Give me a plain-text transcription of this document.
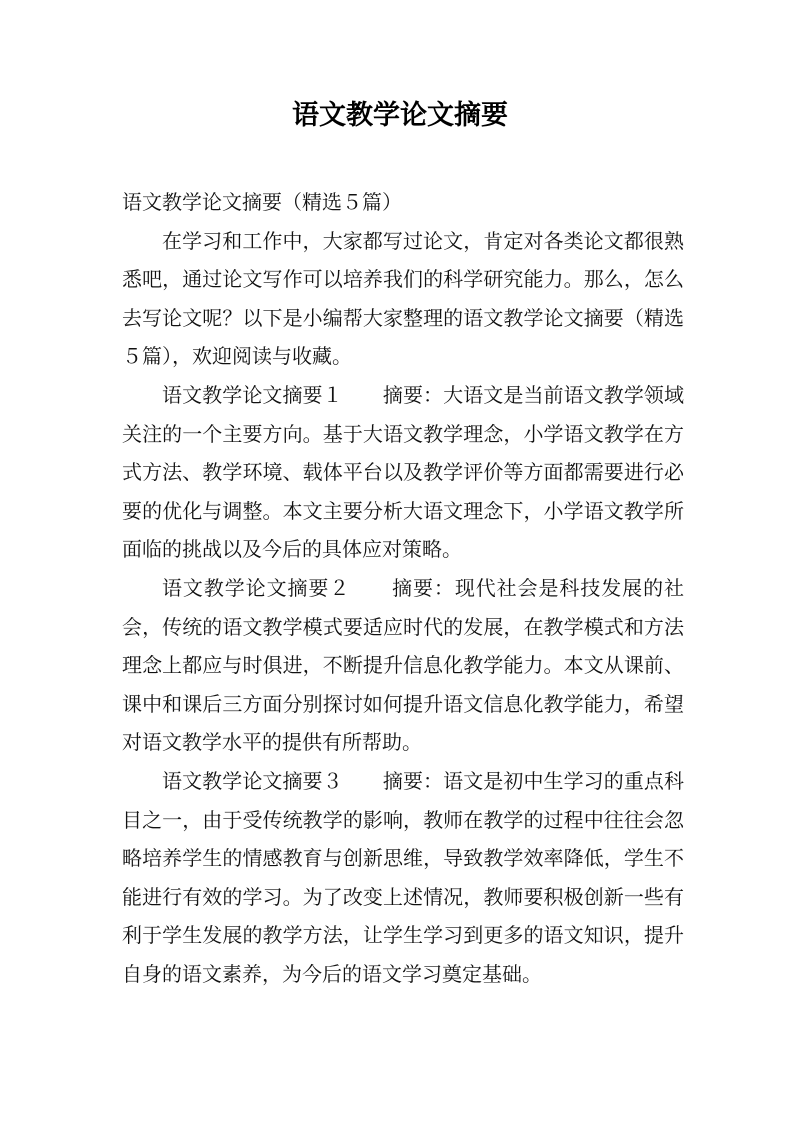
语文教学论文摘要

语文教学论文摘要（精选５篇）

在学习和工作中，大家都写过论文，肯定对各类论文都很熟悉吧，通过论文写作可以培养我们的科学研究能力。那么，怎么去写论文呢？以下是小编帮大家整理的语文教学论文摘要（精选５篇），欢迎阅读与收藏。

语文教学论文摘要１　　摘要：大语文是当前语文教学领域关注的一个主要方向。基于大语文教学理念，小学语文教学在方式方法、教学环境、载体平台以及教学评价等方面都需要进行必要的优化与调整。本文主要分析大语文理念下，小学语文教学所面临的挑战以及今后的具体应对策略。

语文教学论文摘要２　　摘要：现代社会是科技发展的社会，传统的语文教学模式要适应时代的发展，在教学模式和方法理念上都应与时俱进，不断提升信息化教学能力。本文从课前、课中和课后三方面分别探讨如何提升语文信息化教学能力，希望对语文教学水平的提供有所帮助。

语文教学论文摘要３　　摘要：语文是初中生学习的重点科目之一，由于受传统教学的影响，教师在教学的过程中往往会忽略培养学生的情感教育与创新思维，导致教学效率降低，学生不能进行有效的学习。为了改变上述情况，教师要积极创新一些有利于学生发展的教学方法，让学生学习到更多的语文知识，提升自身的语文素养，为今后的语文学习奠定基础。
